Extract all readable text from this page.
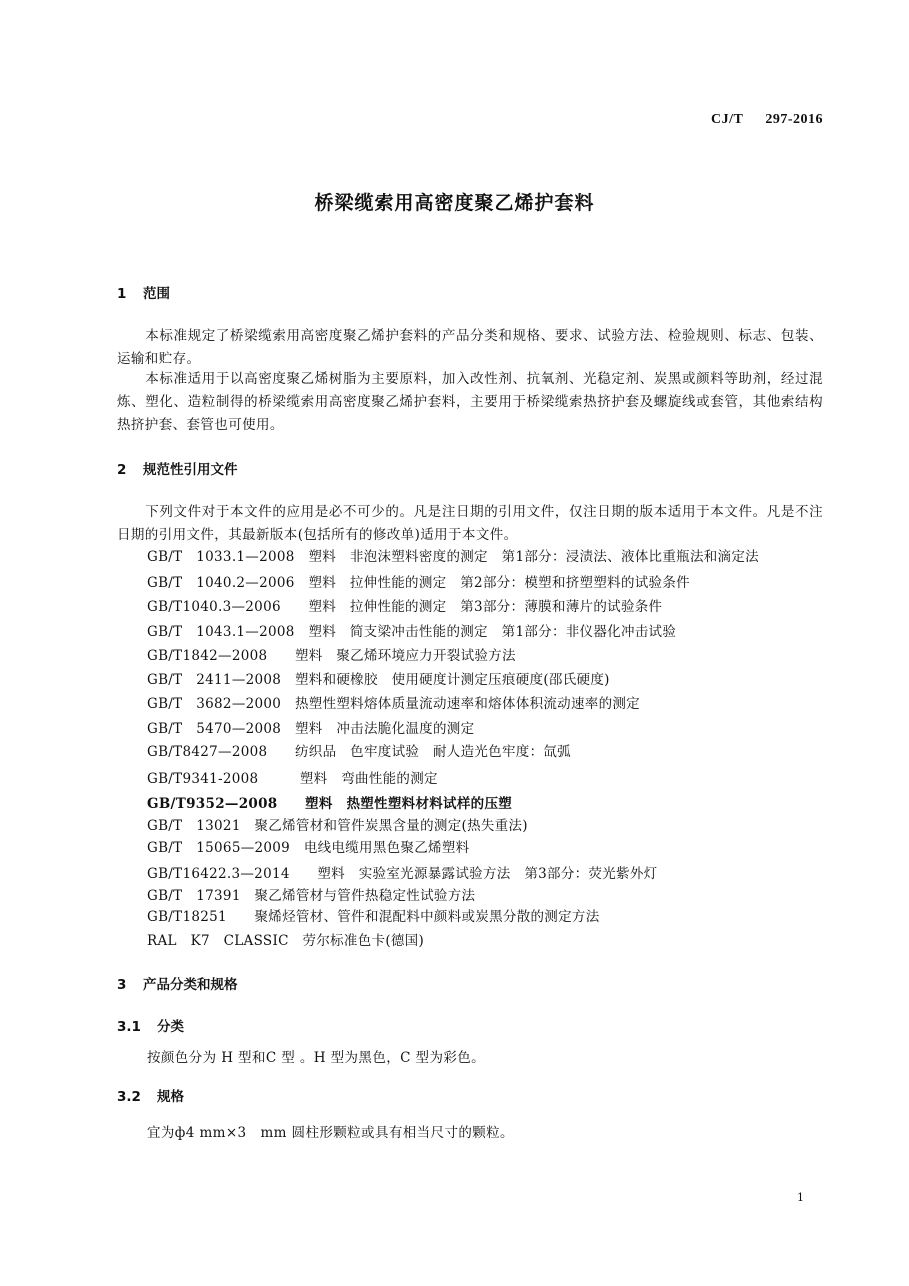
CJ/T 297-2016
桥梁缆索用高密度聚乙烯护套料
1 范围
本标准规定了桥梁缆索用高密度聚乙烯护套料的产品分类和规格、要求、试验方法、检验规则、标志、包装、运输和贮存。
本标准适用于以高密度聚乙烯树脂为主要原料，加入改性剂、抗氧剂、光稳定剂、炭黑或颜料等助剂，经过混炼、塑化、造粒制得的桥梁缆索用高密度聚乙烯护套料，主要用于桥梁缆索热挤护套及螺旋线或套管，其他索结构热挤护套、套管也可使用。
2 规范性引用文件
下列文件对于本文件的应用是必不可少的。凡是注日期的引用文件，仅注日期的版本适用于本文件。凡是不注日期的引用文件，其最新版本(包括所有的修改单)适用于本文件。
GB/T　1033.1—2008　塑料　非泡沫塑料密度的测定　第1部分：浸渍法、液体比重瓶法和滴定法
GB/T　1040.2—2006　塑料　拉伸性能的测定　第2部分：模塑和挤塑塑料的试验条件
GB/T1040.3—2006　　塑料　拉伸性能的测定　第3部分：薄膜和薄片的试验条件
GB/T　1043.1—2008　塑料　简支梁冲击性能的测定　第1部分：非仪器化冲击试验
GB/T1842—2008　　塑料　聚乙烯环境应力开裂试验方法
GB/T　2411—2008　塑料和硬橡胶　使用硬度计测定压痕硬度(邵氏硬度)
GB/T　3682—2000　热塑性塑料熔体质量流动速率和熔体体积流动速率的测定
GB/T　5470—2008　塑料　冲击法脆化温度的测定
GB/T8427—2008　　纺织品　色牢度试验　耐人造光色牢度：氙弧
GB/T9341-2008　　　塑料　弯曲性能的测定
GB/T9352—2008　　塑料　热塑性塑料材料试样的压塑
GB/T　13021　聚乙烯管材和管件炭黑含量的测定(热失重法)
GB/T　15065—2009　电线电缆用黑色聚乙烯塑料
GB/T16422.3—2014　　塑料　实验室光源暴露试验方法　第3部分：荧光紫外灯
GB/T　17391　聚乙烯管材与管件热稳定性试验方法
GB/T18251　　聚烯烃管材、管件和混配料中颜料或炭黑分散的测定方法
RAL　K7　CLASSIC　劳尔标准色卡(德国)
3 产品分类和规格
3.1 分类
按颜色分为 H 型和C 型 。H 型为黑色，C 型为彩色。
3.2 规格
宜为ф4 mm×3　mm 圆柱形颗粒或具有相当尺寸的颗粒。
1
